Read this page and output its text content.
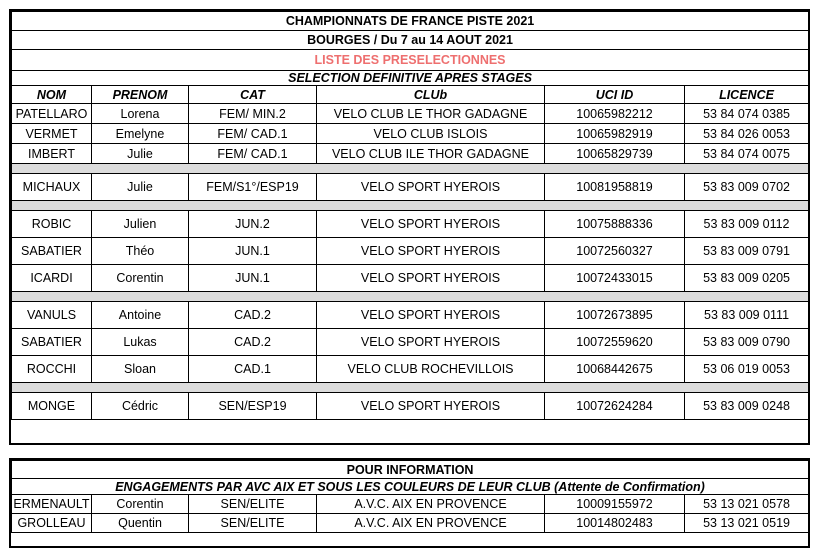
CHAMPIONNATS DE FRANCE PISTE 2021					
BOURGES / Du 7 au 14 AOUT 2021					
LISTE DES PRESELECTIONNES					
SELECTION DEFINITIVE APRES STAGES					
NOM	PRENOM	CAT	CLUb	UCI ID	LICENCE
PATELLARO	Lorena	FEM/ MIN.2	VELO CLUB LE THOR GADAGNE	10065982212	53 84 074 0385
VERMET	Emelyne	FEM/ CAD.1	VELO CLUB ISLOIS	10065982919	53 84 026 0053
IMBERT	Julie	FEM/ CAD.1	VELO CLUB ILE THOR GADAGNE	10065829739	53 84 074 0075

MICHAUX	Julie	FEM/S1°/ESP19	VELO SPORT HYEROIS	10081958819	53 83 009 0702

ROBIC	Julien	JUN.2	VELO SPORT HYEROIS	10075888336	53 83 009 0112
SABATIER	Théo	JUN.1	VELO SPORT HYEROIS	10072560327	53 83 009 0791
ICARDI	Corentin	JUN.1	VELO SPORT HYEROIS	10072433015	53 83 009 0205

VANULS	Antoine	CAD.2	VELO SPORT HYEROIS	10072673895	53 83 009 0111
SABATIER	Lukas	CAD.2	VELO SPORT HYEROIS	10072559620	53 83 009 0790
ROCCHI	Sloan	CAD.1	VELO CLUB ROCHEVILLOIS	10068442675	53 06 019 0053

MONGE	Cédric	SEN/ESP19	VELO SPORT HYEROIS	10072624284	53 83 009 0248
POUR INFORMATION					
ENGAGEMENTS PAR AVC AIX ET SOUS LES COULEURS DE LEUR CLUB (Attente de Confirmation)					
ERMENAULT	Corentin	SEN/ELITE	A.V.C. AIX EN PROVENCE	10009155972	53 13 021 0578
GROLLEAU	Quentin	SEN/ELITE	A.V.C. AIX EN PROVENCE	10014802483	53 13 021 0519
